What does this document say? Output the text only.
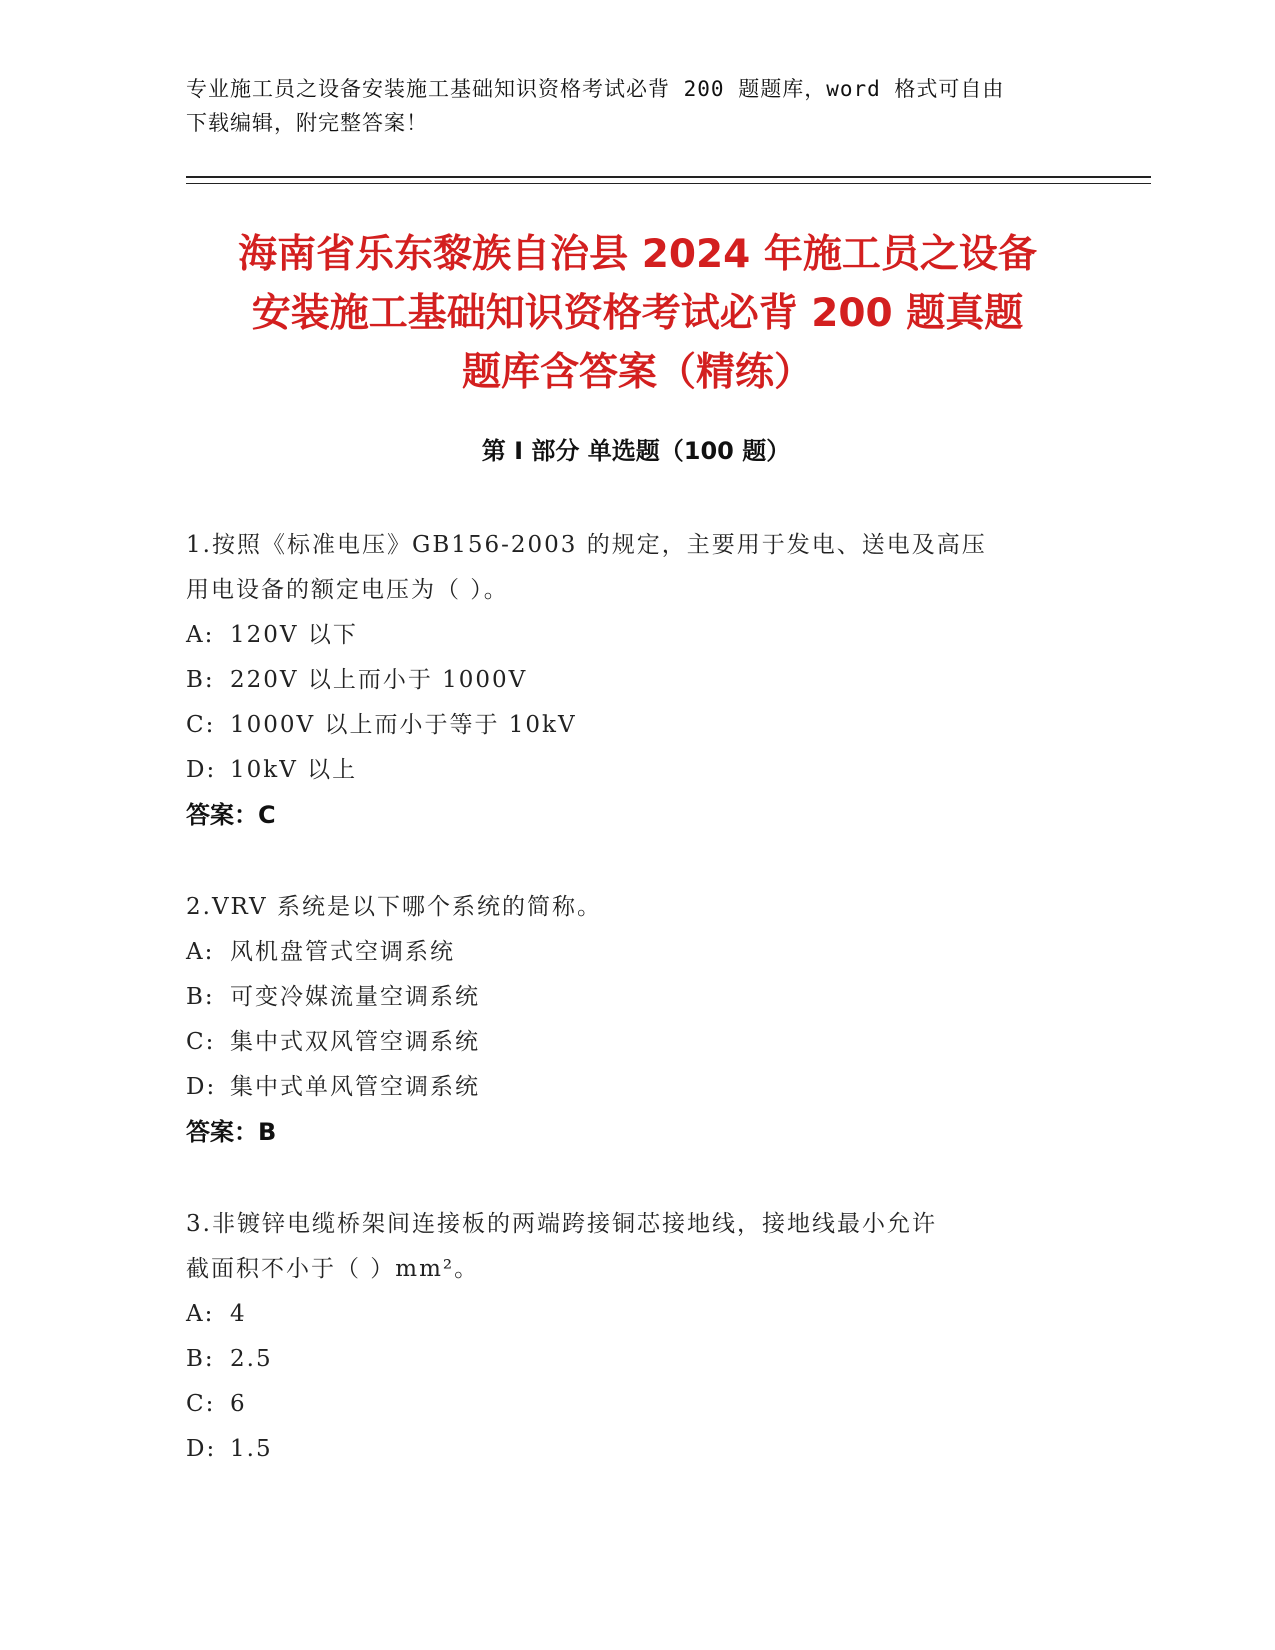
专业施工员之设备安装施工基础知识资格考试必背 200 题题库，word 格式可自由
下载编辑，附完整答案！
海南省乐东黎族自治县 2024 年施工员之设备
安装施工基础知识资格考试必背 200 题真题
题库含答案（精练）
第 I 部分 单选题（100 题）

1.按照《标准电压》GB156-2003 的规定，主要用于发电、送电及高压

用电设备的额定电压为（ ）。

A: 120V 以下

B: 220V 以上而小于 1000V

C: 1000V 以上而小于等于 10kV

D: 10kV 以上

答案：C

2.VRV 系统是以下哪个系统的简称。

A: 风机盘管式空调系统

B: 可变冷媒流量空调系统

C: 集中式双风管空调系统

D: 集中式单风管空调系统

答案：B

3.非镀锌电缆桥架间连接板的两端跨接铜芯接地线，接地线最小允许

截面积不小于（ ）mm²。

A: 4

B: 2.5

C: 6

D: 1.5
